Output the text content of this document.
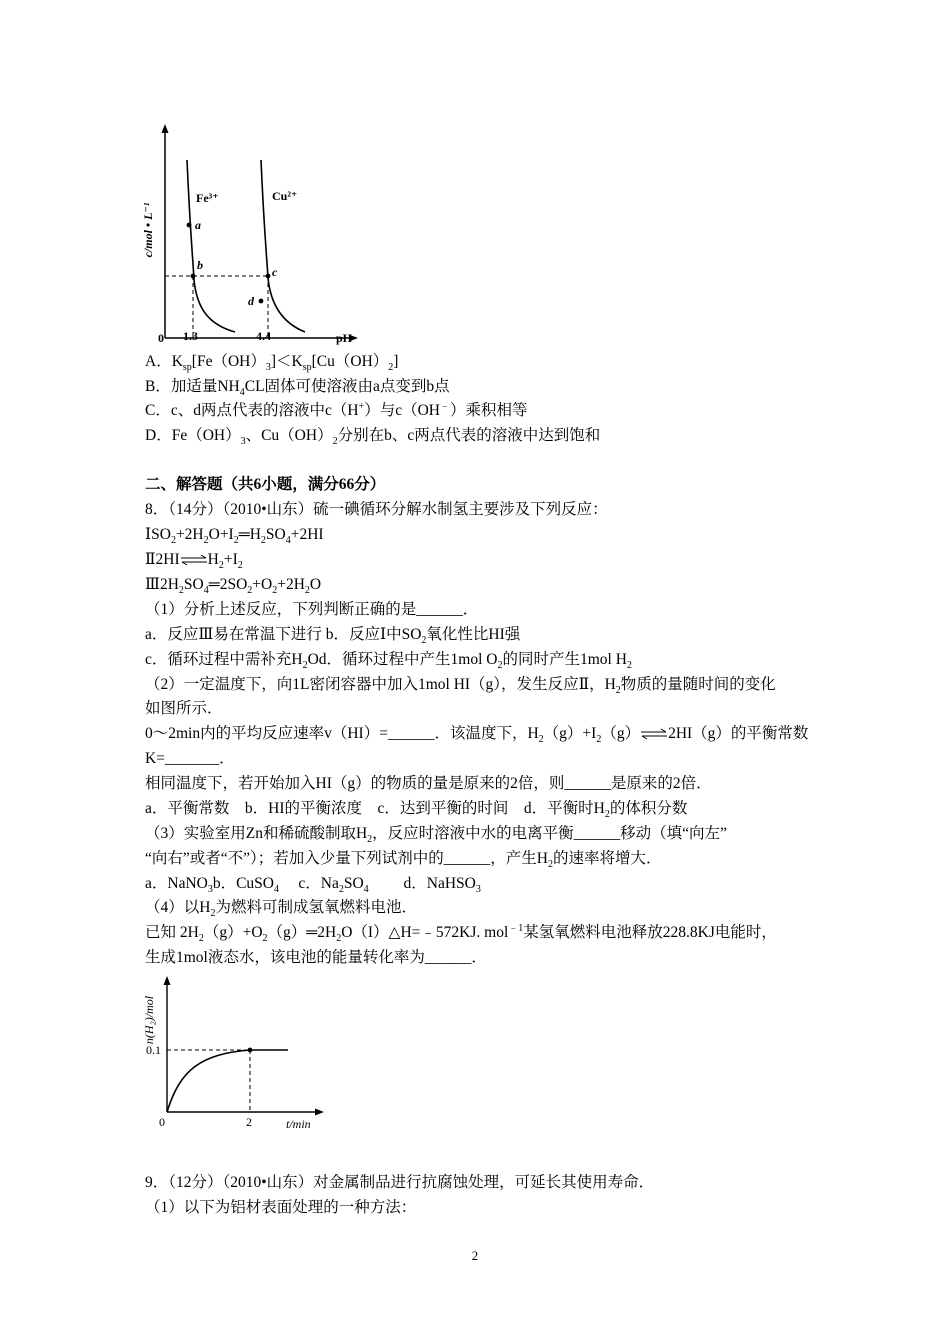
c/mol • L⁻¹
0	pH
1.3	4.4
a
b	c
d
Fe³⁺	Cu²⁺
A．$K_{sp}[Fe(OH)_3]<K_{sp}[Cu(OH)_2]$
B．加适量$NH_4CL$固体可使溶液由a点变到b点
C．c、d两点代表的溶液中c（H+）与c（OH﹣）乘积相等
D．$Fe(OH)_3$、$Cu(OH)_2$分别在b、c两点代表的溶液中达到饱和
二、解答题（共6小题，满分66分）
8．（14分）（2010•山东）硫一碘循环分解水制氢主要涉及下列反应：
$ⅠSO_2+2H_2O+I_2═H_2SO_4+2HI$
$Ⅱ2HI\rightleftharpoons H_2+I_2$
$Ⅲ2H_2SO_4═2SO_2+O_2+2H_2O$
（1）分析上述反应，下列判断正确的是______．
a．反应Ⅲ易在常温下进行 b．反应Ⅰ中$SO_2$氧化性比HI强
c．循环过程中需补充$H_2Od$．循环过程中产生1mol $O_2$的同时产生1mol $H_2$
（2）一定温度下，向1L密闭容器中加入1mol HI（g），发生反应Ⅱ，$H_2$物质的量随时间的变化
如图所示．
0～2min内的平均反应速率v（HI）=______．该温度下，$H_2(g)+I_2(g)\rightleftharpoons 2HI(g)$的平衡常数
K=_______．
相同温度下，若开始加入HI（g）的物质的量是原来的2倍，则______是原来的2倍．
a．平衡常数　b．HI的平衡浓度　c．达到平衡的时间　d．平衡时$H_2$的体积分数
（3）实验室用Zn和稀硫酸制取$H_2$，反应时溶液中水的电离平衡______移动（填“向左”
“向右”或者“不”）；若加入少量下列试剂中的______，产生$H_2$的速率将增大．
a．NaNO$_3$b．CuSO$_4$　 c．$Na_2SO_4$　 　d．NaHSO$_3$
（4）以$H_2$为燃料可制成氢氧燃料电池．
已知 $2H_2(g)+O_2(g)═2H_2O(I)\triangle H=﹣572KJ$. mol$^{﹣1}$某氢氧燃料电池释放228.8KJ电能时，
生成1mol液态水，该电池的能量转化率为______．
n(H₂)/mol
0.1
0	2	t/min
9．（12分）（2010•山东）对金属制品进行抗腐蚀处理，可延长其使用寿命．
（1）以下为铝材表面处理的一种方法：
2
